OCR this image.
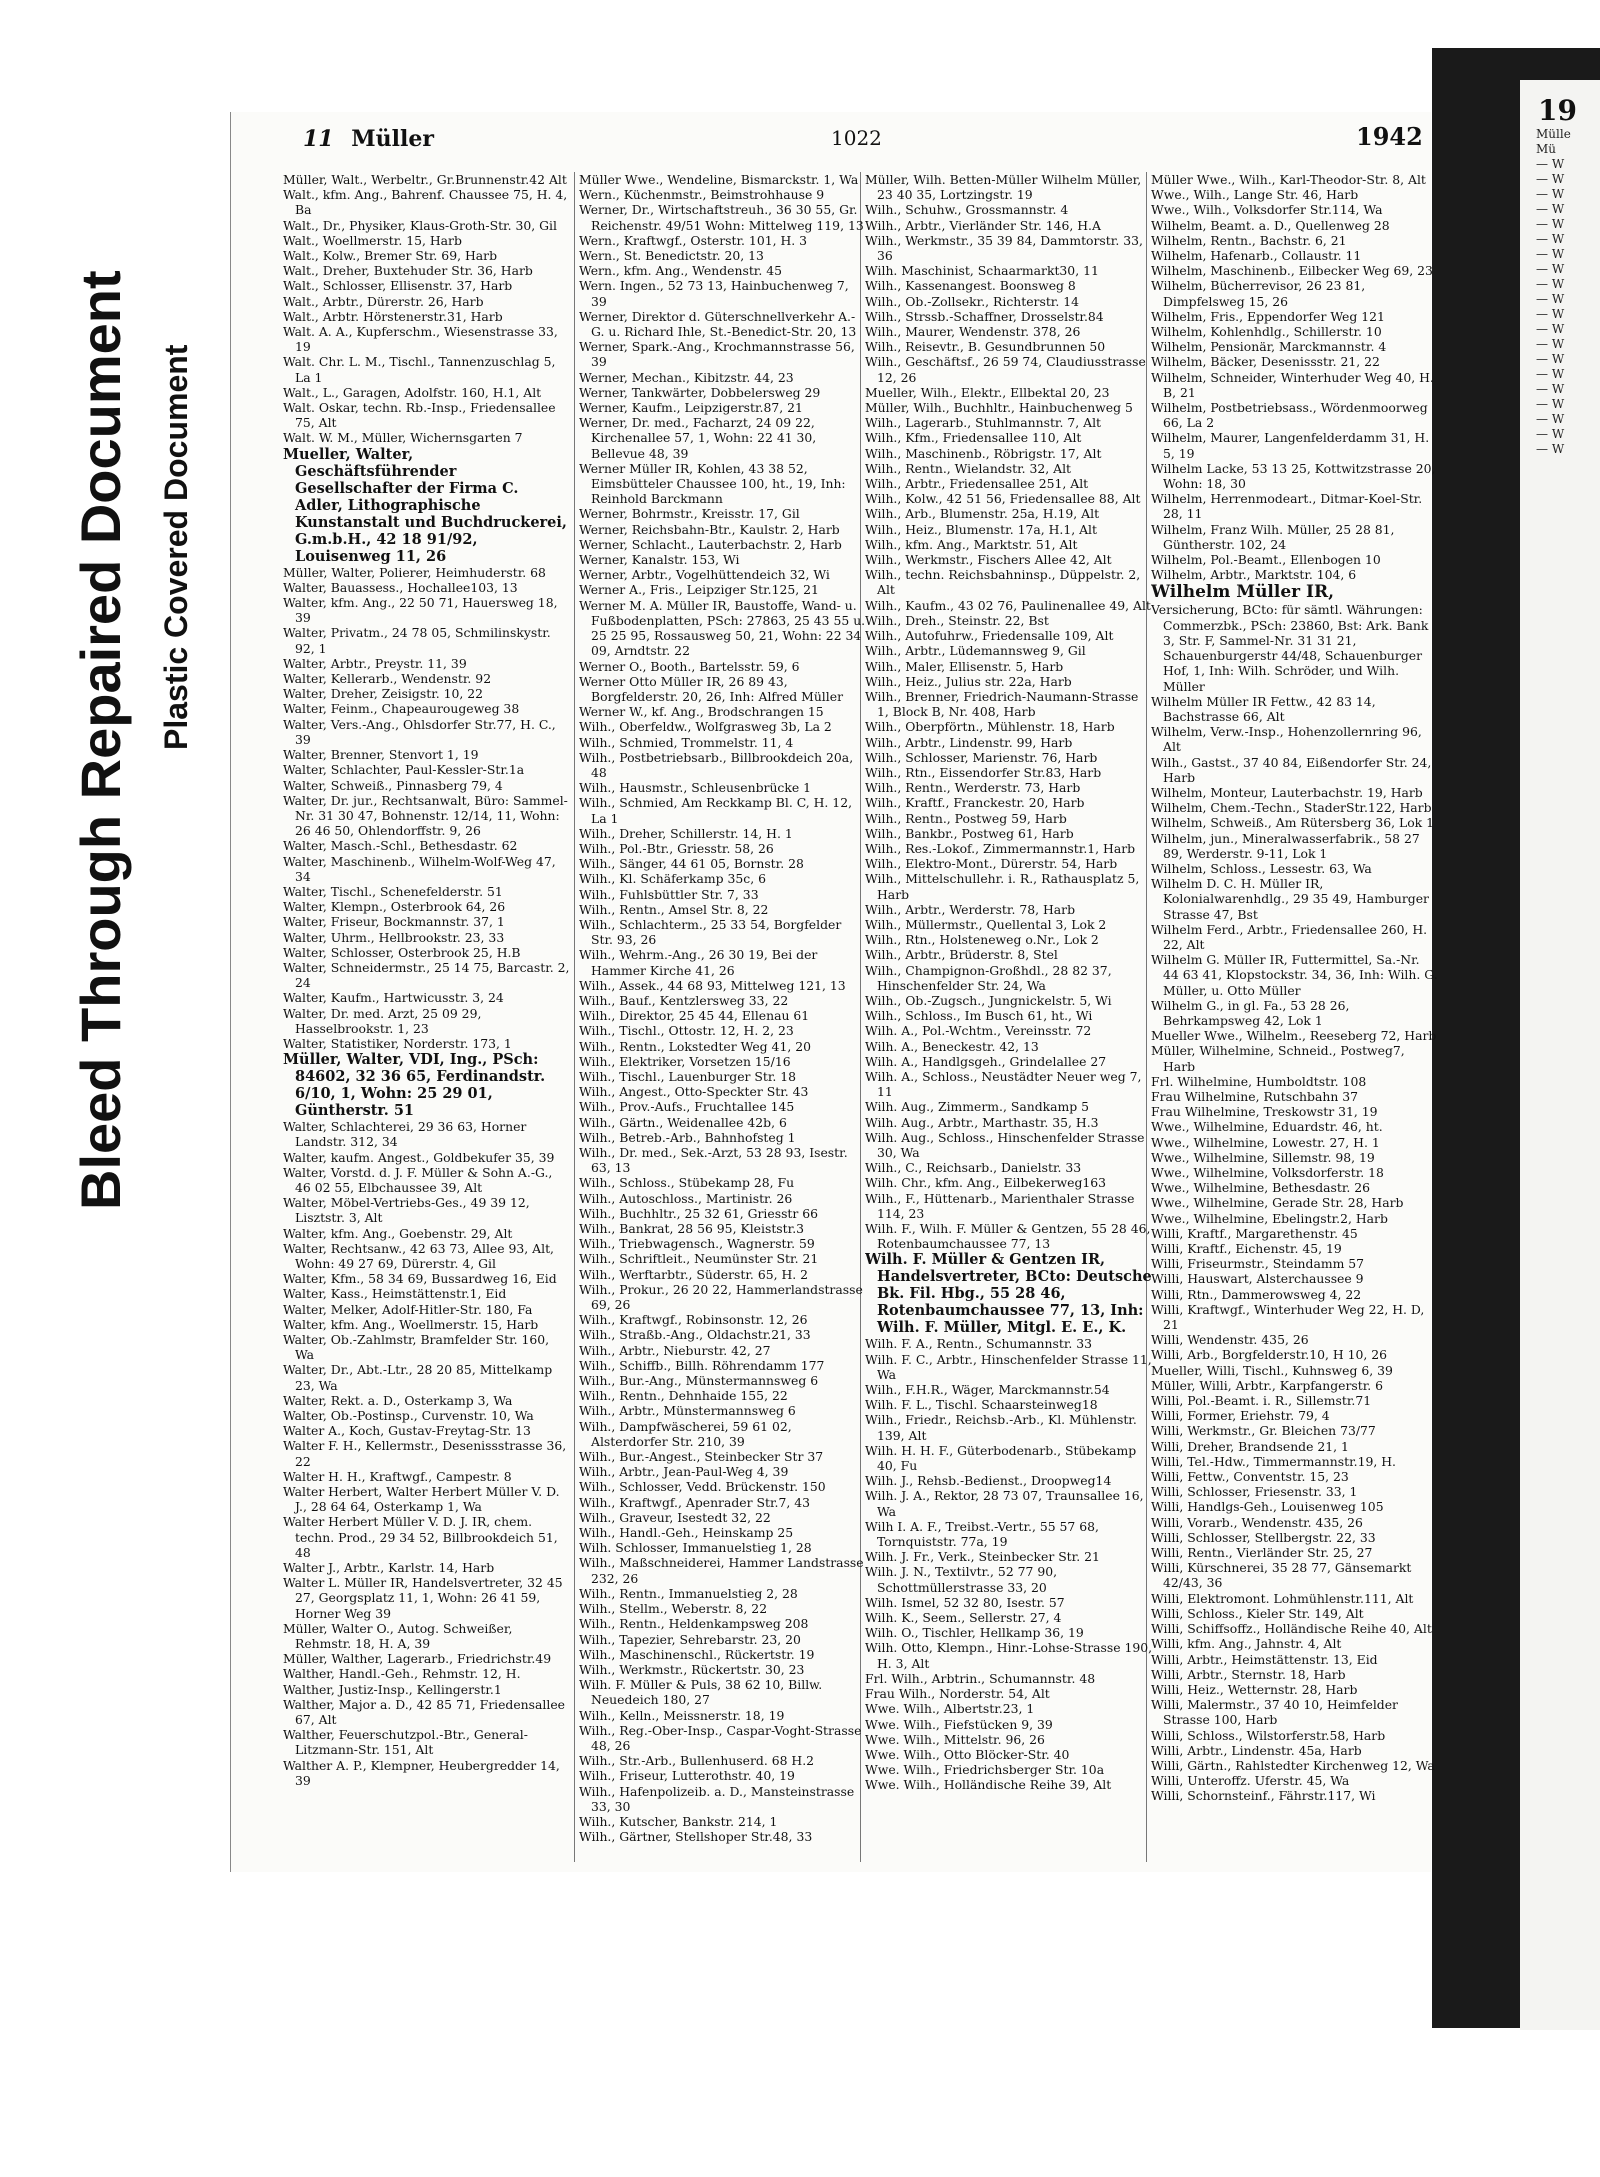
19
Mülle
Mü
— W
— W
— W
— W
— W
— W
— W
— W
— W
— W
— W
— W
— W
— W
— W
— W
— W
— W
— W
— W
Bleed Through Repaired Document Plastic Covered Document
11 Müller	1022	1942

Müller, Walt., Werbeltr., Gr.Brunnenstr.42 Alt

Walt., kfm. Ang., Bahrenf. Chaussee 75, H. 4, Ba

Walt., Dr., Physiker, Klaus-Groth-Str. 30, Gil

Walt., Woellmerstr. 15, Harb

Walt., Kolw., Bremer Str. 69, Harb

Walt., Dreher, Buxtehuder Str. 36, Harb

Walt., Schlosser, Ellisenstr. 37, Harb

Walt., Arbtr., Dürerstr. 26, Harb

Walt., Arbtr. Hörstenerstr.31, Harb

Walt. A. A., Kupferschm., Wiesenstrasse 33, 19

Walt. Chr. L. M., Tischl., Tannenzuschlag 5, La 1

Walt., L., Garagen, Adolfstr. 160, H.1, Alt

Walt. Oskar, techn. Rb.-Insp., Friedensallee 75, Alt

Walt. W. M., Müller, Wichernsgarten 7

Mueller, Walter, Geschäftsführender Gesellschafter der Firma C. Adler, Lithographische Kunstanstalt und Buchdruckerei, G.m.b.H., 42 18 91/92, Louisenweg 11, 26

Müller, Walter, Polierer, Heimhuderstr. 68

Walter, Bauassess., Hochallee103, 13

Walter, kfm. Ang., 22 50 71, Hauersweg 18, 39

Walter, Privatm., 24 78 05, Schmilinskystr. 92, 1

Walter, Arbtr., Preystr. 11, 39

Walter, Kellerarb., Wendenstr. 92

Walter, Dreher, Zeisigstr. 10, 22

Walter, Feinm., Chapeaurougeweg 38

Walter, Vers.-Ang., Ohlsdorfer Str.77, H. C., 39

Walter, Brenner, Stenvort 1, 19

Walter, Schlachter, Paul-Kessler-Str.1a

Walter, Schweiß., Pinnasberg 79, 4

Walter, Dr. jur., Rechtsanwalt, Büro: Sammel-Nr. 31 30 47, Bohnenstr. 12/14, 11, Wohn: 26 46 50, Ohlendorffstr. 9, 26

Walter, Masch.-Schl., Bethesdastr. 62

Walter, Maschinenb., Wilhelm-Wolf-Weg 47, 34

Walter, Tischl., Schenefelderstr. 51

Walter, Klempn., Osterbrook 64, 26

Walter, Friseur, Bockmannstr. 37, 1

Walter, Uhrm., Hellbrookstr. 23, 33

Walter, Schlosser, Osterbrook 25, H.B

Walter, Schneidermstr., 25 14 75, Barcastr. 2, 24

Walter, Kaufm., Hartwicusstr. 3, 24

Walter, Dr. med. Arzt, 25 09 29, Hasselbrookstr. 1, 23

Walter, Statistiker, Norderstr. 173, 1

Müller, Walter, VDI, Ing., PSch: 84602, 32 36 65, Ferdinandstr. 6/10, 1, Wohn: 25 29 01, Güntherstr. 51

Walter, Schlachterei, 29 36 63, Horner Landstr. 312, 34

Walter, kaufm. Angest., Goldbekufer 35, 39

Walter, Vorstd. d. J. F. Müller & Sohn A.-G., 46 02 55, Elbchaussee 39, Alt

Walter, Möbel-Vertriebs-Ges., 49 39 12, Lisztstr. 3, Alt

Walter, kfm. Ang., Goebenstr. 29, Alt

Walter, Rechtsanw., 42 63 73, Allee 93, Alt, Wohn: 49 27 69, Dürerstr. 4, Gil

Walter, Kfm., 58 34 69, Bussardweg 16, Eid

Walter, Kass., Heimstättenstr.1, Eid

Walter, Melker, Adolf-Hitler-Str. 180, Fa

Walter, kfm. Ang., Woellmerstr. 15, Harb

Walter, Ob.-Zahlmstr, Bramfelder Str. 160, Wa

Walter, Dr., Abt.-Ltr., 28 20 85, Mittelkamp 23, Wa

Walter, Rekt. a. D., Osterkamp 3, Wa

Walter, Ob.-Postinsp., Curvenstr. 10, Wa

Walter A., Koch, Gustav-Freytag-Str. 13

Walter F. H., Kellermstr., Desenissstrasse 36, 22

Walter H. H., Kraftwgf., Campestr. 8

Walter Herbert, Walter Herbert Müller V. D. J., 28 64 64, Osterkamp 1, Wa

Walter Herbert Müller V. D. J. IR, chem. techn. Prod., 29 34 52, Billbrookdeich 51, 48

Walter J., Arbtr., Karlstr. 14, Harb

Walter L. Müller IR, Handelsvertreter, 32 45 27, Georgsplatz 11, 1, Wohn: 26 41 59, Horner Weg 39

Müller, Walter O., Autog. Schweißer, Rehmstr. 18, H. A, 39

Müller, Walther, Lagerarb., Friedrichstr.49

Walther, Handl.-Geh., Rehmstr. 12, H.

Walther, Justiz-Insp., Kellingerstr.1

Walther, Major a. D., 42 85 71, Friedensallee 67, Alt

Walther, Feuerschutzpol.-Btr., General-Litzmann-Str. 151, Alt

Walther A. P., Klempner, Heubergredder 14, 39

Müller Wwe., Wendeline, Bismarckstr. 1, Wa

Wern., Küchenmstr., Beimstrohhause 9

Werner, Dr., Wirtschaftstreuh., 36 30 55, Gr. Reichenstr. 49/51 Wohn: Mittelweg 119, 13

Wern., Kraftwgf., Osterstr. 101, H. 3

Wern., St. Benedictstr. 20, 13

Wern., kfm. Ang., Wendenstr. 45

Wern. Ingen., 52 73 13, Hainbuchenweg 7, 39

Werner, Direktor d. Güterschnellverkehr A.-G. u. Richard Ihle, St.-Benedict-Str. 20, 13

Werner, Spark.-Ang., Krochmannstrasse 56, 39

Werner, Mechan., Kibitzstr. 44, 23

Werner, Tankwärter, Dobbelersweg 29

Werner, Kaufm., Leipzigerstr.87, 21

Werner, Dr. med., Facharzt, 24 09 22, Kirchenallee 57, 1, Wohn: 22 41 30, Bellevue 48, 39

Werner Müller IR, Kohlen, 43 38 52, Eimsbütteler Chaussee 100, ht., 19, Inh: Reinhold Barckmann

Werner, Bohrmstr., Kreisstr. 17, Gil

Werner, Reichsbahn-Btr., Kaulstr. 2, Harb

Werner, Schlacht., Lauterbachstr. 2, Harb

Werner, Kanalstr. 153, Wi

Werner, Arbtr., Vogelhüttendeich 32, Wi

Werner A., Fris., Leipziger Str.125, 21

Werner M. A. Müller IR, Baustoffe, Wand- u. Fußbodenplatten, PSch: 27863, 25 43 55 u. 25 25 95, Rossausweg 50, 21, Wohn: 22 34 09, Arndtstr. 22

Werner O., Booth., Bartelsstr. 59, 6

Werner Otto Müller IR, 26 89 43, Borgfelderstr. 20, 26, Inh: Alfred Müller

Werner W., kf. Ang., Brodschrangen 15

Wilh., Oberfeldw., Wolfgrasweg 3b, La 2

Wilh., Schmied, Trommelstr. 11, 4

Wilh., Postbetriebsarb., Billbrookdeich 20a, 48

Wilh., Hausmstr., Schleusenbrücke 1

Wilh., Schmied, Am Reckkamp Bl. C, H. 12, La 1

Wilh., Dreher, Schillerstr. 14, H. 1

Wilh., Pol.-Btr., Griesstr. 58, 26

Wilh., Sänger, 44 61 05, Bornstr. 28

Wilh., Kl. Schäferkamp 35c, 6

Wilh., Fuhlsbüttler Str. 7, 33

Wilh., Rentn., Amsel Str. 8, 22

Wilh., Schlachterm., 25 33 54, Borgfelder Str. 93, 26

Wilh., Wehrm.-Ang., 26 30 19, Bei der Hammer Kirche 41, 26

Wilh., Assek., 44 68 93, Mittelweg 121, 13

Wilh., Bauf., Kentzlersweg 33, 22

Wilh., Direktor, 25 45 44, Ellenau 61

Wilh., Tischl., Ottostr. 12, H. 2, 23

Wilh., Rentn., Lokstedter Weg 41, 20

Wilh., Elektriker, Vorsetzen 15/16

Wilh., Tischl., Lauenburger Str. 18

Wilh., Angest., Otto-Speckter Str. 43

Wilh., Prov.-Aufs., Fruchtallee 145

Wilh., Gärtn., Weidenallee 42b, 6

Wilh., Betreb.-Arb., Bahnhofsteg 1

Wilh., Dr. med., Sek.-Arzt, 53 28 93, Isestr. 63, 13

Wilh., Schloss., Stübekamp 28, Fu

Wilh., Autoschloss., Martinistr. 26

Wilh., Buchhltr., 25 32 61, Griesstr 66

Wilh., Bankrat, 28 56 95, Kleiststr.3

Wilh., Triebwagensch., Wagnerstr. 59

Wilh., Schriftleit., Neumünster Str. 21

Wilh., Werftarbtr., Süderstr. 65, H. 2

Wilh., Prokur., 26 20 22, Hammerlandstrasse 69, 26

Wilh., Kraftwgf., Robinsonstr. 12, 26

Wilh., Straßb.-Ang., Oldachstr.21, 33

Wilh., Arbtr., Nieburstr. 42, 27

Wilh., Schiffb., Billh. Röhrendamm 177

Wilh., Bur.-Ang., Münstermannsweg 6

Wilh., Rentn., Dehnhaide 155, 22

Wilh., Arbtr., Münstermannsweg 6

Wilh., Dampfwäscherei, 59 61 02, Alsterdorfer Str. 210, 39

Wilh., Bur.-Angest., Steinbecker Str 37

Wilh., Arbtr., Jean-Paul-Weg 4, 39

Wilh., Schlosser, Vedd. Brückenstr. 150

Wilh., Kraftwgf., Apenrader Str.7, 43

Wilh., Graveur, Isestedt 32, 22

Wilh., Handl.-Geh., Heinskamp 25

Wilh. Schlosser, Immanuelstieg 1, 28

Wilh., Maßschneiderei, Hammer Landstrasse 232, 26

Wilh., Rentn., Immanuelstieg 2, 28

Wilh., Stellm., Weberstr. 8, 22

Wilh., Rentn., Heldenkampsweg 208

Wilh., Tapezier, Sehrebarstr. 23, 20

Wilh., Maschinenschl., Rückertstr. 19

Wilh., Werkmstr., Rückertstr. 30, 23

Wilh. F. Müller & Puls, 38 62 10, Billw. Neuedeich 180, 27

Wilh., Kelln., Meissnerstr. 18, 19

Wilh., Reg.-Ober-Insp., Caspar-Voght-Strasse 48, 26

Wilh., Str.-Arb., Bullenhuserd. 68 H.2

Wilh., Friseur, Lutterothstr. 40, 19

Wilh., Hafenpolizeib. a. D., Mansteinstrasse 33, 30

Wilh., Kutscher, Bankstr. 214, 1

Wilh., Gärtner, Stellshoper Str.48, 33

Müller, Wilh. Betten-Müller Wilhelm Müller, 23 40 35, Lortzingstr. 19

Wilh., Schuhw., Grossmannstr. 4

Wilh., Arbtr., Vierländer Str. 146, H.A

Wilh., Werkmstr., 35 39 84, Dammtorstr. 33, 36

Wilh. Maschinist, Schaarmarkt30, 11

Wilh., Kassenangest. Boonsweg 8

Wilh., Ob.-Zollsekr., Richterstr. 14

Wilh., Strssb.-Schaffner, Drosselstr.84

Wilh., Maurer, Wendenstr. 378, 26

Wilh., Reisevtr., B. Gesundbrunnen 50

Wilh., Geschäftsf., 26 59 74, Claudiusstrasse 12, 26

Mueller, Wilh., Elektr., Ellbektal 20, 23

Müller, Wilh., Buchhltr., Hainbuchenweg 5

Wilh., Lagerarb., Stuhlmannstr. 7, Alt

Wilh., Kfm., Friedensallee 110, Alt

Wilh., Maschinenb., Röbrigstr. 17, Alt

Wilh., Rentn., Wielandstr. 32, Alt

Wilh., Arbtr., Friedensallee 251, Alt

Wilh., Kolw., 42 51 56, Friedensallee 88, Alt

Wilh., Arb., Blumenstr. 25a, H.19, Alt

Wilh., Heiz., Blumenstr. 17a, H.1, Alt

Wilh., kfm. Ang., Marktstr. 51, Alt

Wilh., Werkmstr., Fischers Allee 42, Alt

Wilh., techn. Reichsbahninsp., Düppelstr. 2, Alt

Wilh., Kaufm., 43 02 76, Paulinenallee 49, Alt

Wilh., Dreh., Steinstr. 22, Bst

Wilh., Autofuhrw., Friedensalle 109, Alt

Wilh., Arbtr., Lüdemannsweg 9, Gil

Wilh., Maler, Ellisenstr. 5, Harb

Wilh., Heiz., Julius str. 22a, Harb

Wilh., Brenner, Friedrich-Naumann-Strasse 1, Block B, Nr. 408, Harb

Wilh., Oberpförtn., Mühlenstr. 18, Harb

Wilh., Arbtr., Lindenstr. 99, Harb

Wilh., Schlosser, Marienstr. 76, Harb

Wilh., Rtn., Eissendorfer Str.83, Harb

Wilh., Rentn., Werderstr. 73, Harb

Wilh., Kraftf., Franckestr. 20, Harb

Wilh., Rentn., Postweg 59, Harb

Wilh., Bankbr., Postweg 61, Harb

Wilh., Res.-Lokof., Zimmermannstr.1, Harb

Wilh., Elektro-Mont., Dürerstr. 54, Harb

Wilh., Mittelschullehr. i. R., Rathausplatz 5, Harb

Wilh., Arbtr., Werderstr. 78, Harb

Wilh., Müllermstr., Quellental 3, Lok 2

Wilh., Rtn., Holsteneweg o.Nr., Lok 2

Wilh., Arbtr., Brüderstr. 8, Stel

Wilh., Champignon-Großhdl., 28 82 37, Hinschenfelder Str. 24, Wa

Wilh., Ob.-Zugsch., Jungnickelstr. 5, Wi

Wilh., Schloss., Im Busch 61, ht., Wi

Wilh. A., Pol.-Wchtm., Vereinsstr. 72

Wilh. A., Beneckestr. 42, 13

Wilh. A., Handlgsgeh., Grindelallee 27

Wilh. A., Schloss., Neustädter Neuer weg 7, 11

Wilh. Aug., Zimmerm., Sandkamp 5

Wilh. Aug., Arbtr., Marthastr. 35, H.3

Wilh. Aug., Schloss., Hinschenfelder Strasse 30, Wa

Wilh., C., Reichsarb., Danielstr. 33

Wilh. Chr., kfm. Ang., Eilbekerweg163

Wilh., F., Hüttenarb., Marienthaler Strasse 114, 23

Wilh. F., Wilh. F. Müller & Gentzen, 55 28 46, Rotenbaumchaussee 77, 13

Wilh. F. Müller & Gentzen IR, Handelsvertreter, BCto: Deutsche Bk. Fil. Hbg., 55 28 46, Rotenbaumchaussee 77, 13, Inh: Wilh. F. Müller, Mitgl. E. E., K.

Wilh. F. A., Rentn., Schumannstr. 33

Wilh. F. C., Arbtr., Hinschenfelder Strasse 11, Wa

Wilh., F.H.R., Wäger, Marckmannstr.54

Wilh. F. L., Tischl. Schaarsteinweg18

Wilh., Friedr., Reichsb.-Arb., Kl. Mühlenstr. 139, Alt

Wilh. H. H. F., Güterbodenarb., Stübekamp 40, Fu

Wilh. J., Rehsb.-Bedienst., Droopweg14

Wilh. J. A., Rektor, 28 73 07, Traunsallee 16, Wa

Wilh I. A. F., Treibst.-Vertr., 55 57 68, Tornquiststr. 77a, 19

Wilh. J. Fr., Verk., Steinbecker Str. 21

Wilh. J. N., Textilvtr., 52 77 90, Schottmüllerstrasse 33, 20

Wilh. Ismel, 52 32 80, Isestr. 57

Wilh. K., Seem., Sellerstr. 27, 4

Wilh. O., Tischler, Hellkamp 36, 19

Wilh. Otto, Klempn., Hinr.-Lohse-Strasse 190, H. 3, Alt

Frl. Wilh., Arbtrin., Schumannstr. 48

Frau Wilh., Norderstr. 54, Alt

Wwe. Wilh., Albertstr.23, 1

Wwe. Wilh., Fiefstücken 9, 39

Wwe. Wilh., Mittelstr. 96, 26

Wwe. Wilh., Otto Blöcker-Str. 40

Wwe. Wilh., Friedrichsberger Str. 10a

Wwe. Wilh., Holländische Reihe 39, Alt

Müller Wwe., Wilh., Karl-Theodor-Str. 8, Alt

Wwe., Wilh., Lange Str. 46, Harb

Wwe., Wilh., Volksdorfer Str.114, Wa

Wilhelm, Beamt. a. D., Quellenweg 28

Wilhelm, Rentn., Bachstr. 6, 21

Wilhelm, Hafenarb., Collaustr. 11

Wilhelm, Maschinenb., Eilbecker Weg 69, 23

Wilhelm, Bücherrevisor, 26 23 81, Dimpfelsweg 15, 26

Wilhelm, Fris., Eppendorfer Weg 121

Wilhelm, Kohlenhdlg., Schillerstr. 10

Wilhelm, Pensionär, Marckmannstr. 4

Wilhelm, Bäcker, Desenissstr. 21, 22

Wilhelm, Schneider, Winterhuder Weg 40, H. B, 21

Wilhelm, Postbetriebsass., Wördenmoorweg 66, La 2

Wilhelm, Maurer, Langenfelderdamm 31, H. 5, 19

Wilhelm Lacke, 53 13 25, Kottwitzstrasse 20, Wohn: 18, 30

Wilhelm, Herrenmodeart., Ditmar-Koel-Str. 28, 11

Wilhelm, Franz Wilh. Müller, 25 28 81, Güntherstr. 102, 24

Wilhelm, Pol.-Beamt., Ellenbogen 10

Wilhelm, Arbtr., Marktstr. 104, 6

Wilhelm Müller IR,

Versicherung, BCto: für sämtl. Währungen: Commerzbk., PSch: 23860, Bst: Ark. Bank 3, Str. F, Sammel-Nr. 31 31 21, Schauenburgerstr 44/48, Schauenburger Hof, 1, Inh: Wilh. Schröder, und Wilh. Müller

Wilhelm Müller IR Fettw., 42 83 14, Bachstrasse 66, Alt

Wilhelm, Verw.-Insp., Hohenzollernring 96, Alt

Wilh., Gastst., 37 40 84, Eißendorfer Str. 24, Harb

Wilhelm, Monteur, Lauterbachstr. 19, Harb

Wilhelm, Chem.-Techn., StaderStr.122, Harb

Wilhelm, Schweiß., Am Rütersberg 36, Lok 1

Wilhelm, jun., Mineralwasserfabrik., 58 27 89, Werderstr. 9-11, Lok 1

Wilhelm, Schloss., Lessestr. 63, Wa

Wilhelm D. C. H. Müller IR, Kolonialwarenhdlg., 29 35 49, Hamburger Strasse 47, Bst

Wilhelm Ferd., Arbtr., Friedensallee 260, H. 22, Alt

Wilhelm G. Müller IR, Futtermittel, Sa.-Nr. 44 63 41, Klopstockstr. 34, 36, Inh: Wilh. G. Müller, u. Otto Müller

Wilhelm G., in gl. Fa., 53 28 26, Behrkampsweg 42, Lok 1

Mueller Wwe., Wilhelm., Reeseberg 72, Harb

Müller, Wilhelmine, Schneid., Postweg7, Harb

Frl. Wilhelmine, Humboldtstr. 108

Frau Wilhelmine, Rutschbahn 37

Frau Wilhelmine, Treskowstr 31, 19

Wwe., Wilhelmine, Eduardstr. 46, ht.

Wwe., Wilhelmine, Lowestr. 27, H. 1

Wwe., Wilhelmine, Sillemstr. 98, 19

Wwe., Wilhelmine, Volksdorferstr. 18

Wwe., Wilhelmine, Bethesdastr. 26

Wwe., Wilhelmine, Gerade Str. 28, Harb

Wwe., Wilhelmine, Ebelingstr.2, Harb

Willi, Kraftf., Margarethenstr. 45

Willi, Kraftf., Eichenstr. 45, 19

Willi, Friseurmstr., Steindamm 57

Willi, Hauswart, Alsterchaussee 9

Willi, Rtn., Dammerowsweg 4, 22

Willi, Kraftwgf., Winterhuder Weg 22, H. D, 21

Willi, Wendenstr. 435, 26

Willi, Arb., Borgfelderstr.10, H 10, 26

Mueller, Willi, Tischl., Kuhnsweg 6, 39

Müller, Willi, Arbtr., Karpfangerstr. 6

Willi, Pol.-Beamt. i. R., Sillemstr.71

Willi, Former, Eriehstr. 79, 4

Willi, Werkmstr., Gr. Bleichen 73/77

Willi, Dreher, Brandsende 21, 1

Willi, Tel.-Hdw., Timmermannstr.19, H.

Willi, Fettw., Conventstr. 15, 23

Willi, Schlosser, Friesenstr. 33, 1

Willi, Handlgs-Geh., Louisenweg 105

Willi, Vorarb., Wendenstr. 435, 26

Willi, Schlosser, Stellbergstr. 22, 33

Willi, Rentn., Vierländer Str. 25, 27

Willi, Kürschnerei, 35 28 77, Gänsemarkt 42/43, 36

Willi, Elektromont. Lohmühlenstr.111, Alt

Willi, Schloss., Kieler Str. 149, Alt

Willi, Schiffsoffz., Holländische Reihe 40, Alt

Willi, kfm. Ang., Jahnstr. 4, Alt

Willi, Arbtr., Heimstättenstr. 13, Eid

Willi, Arbtr., Sternstr. 18, Harb

Willi, Heiz., Wetternstr. 28, Harb

Willi, Malermstr., 37 40 10, Heimfelder Strasse 100, Harb

Willi, Schloss., Wilstorferstr.58, Harb

Willi, Arbtr., Lindenstr. 45a, Harb

Willi, Gärtn., Rahlstedter Kirchenweg 12, Wa

Willi, Unteroffz. Uferstr. 45, Wa

Willi, Schornsteinf., Fährstr.117, Wi
